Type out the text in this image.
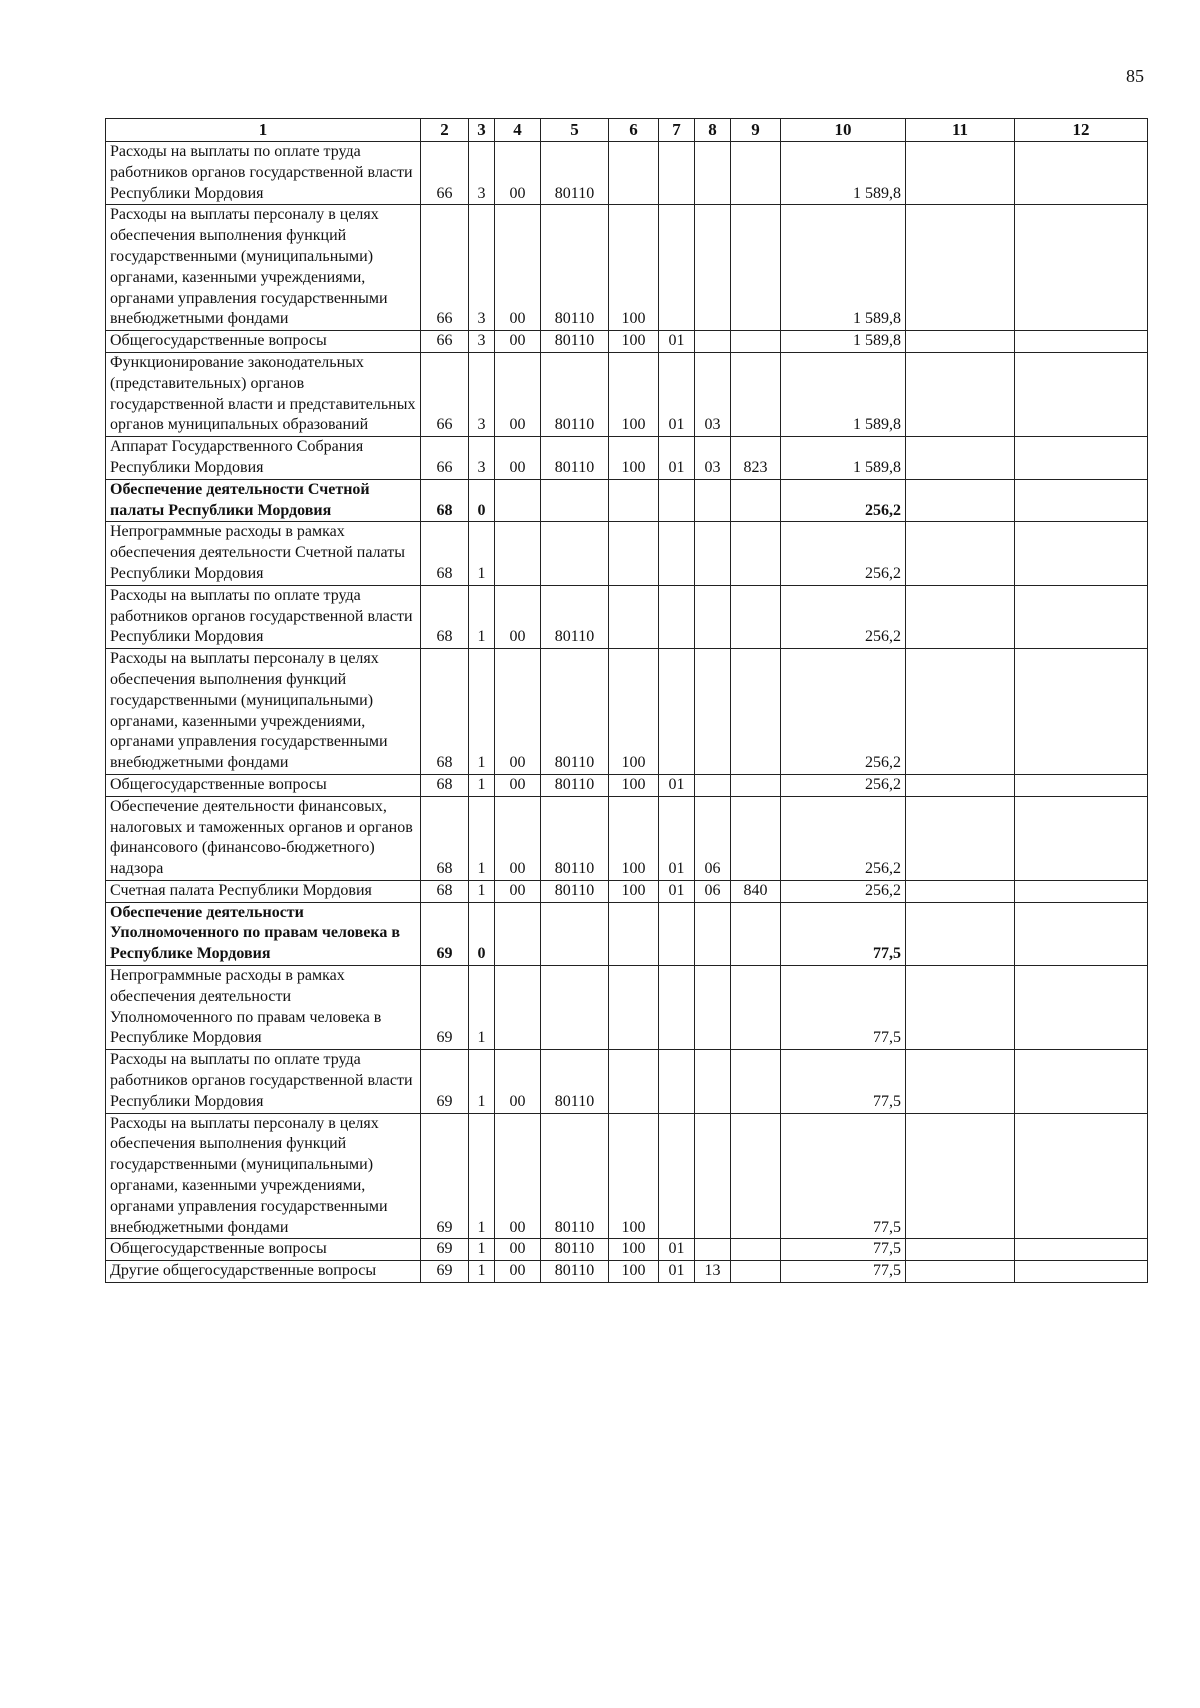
85
1	2	3	4	5	6	7	8	9	10	11	12
Расходы на выплаты по оплате труда работников органов государственной власти Республики Мордовия	66	3	00	80110					1 589,8		
Расходы на выплаты персоналу в целях обеспечения выполнения функций государственными (муниципальными) органами, казенными учреждениями, органами управления государственными внебюджетными фондами	66	3	00	80110	100				1 589,8		
Общегосударственные вопросы	66	3	00	80110	100	01			1 589,8		
Функционирование законодательных (представительных) органов государственной власти и представительных органов муниципальных образований	66	3	00	80110	100	01	03		1 589,8		
Аппарат Государственного Собрания Республики Мордовия	66	3	00	80110	100	01	03	823	1 589,8		
Обеспечение деятельности Счетной палаты Республики Мордовия	68	0							256,2		
Непрограммные расходы в рамках обеспечения деятельности Счетной палаты Республики Мордовия	68	1							256,2		
Расходы на выплаты по оплате труда работников органов государственной власти Республики Мордовия	68	1	00	80110					256,2		
Расходы на выплаты персоналу в целях обеспечения выполнения функций государственными (муниципальными) органами, казенными учреждениями, органами управления государственными внебюджетными фондами	68	1	00	80110	100				256,2		
Общегосударственные вопросы	68	1	00	80110	100	01			256,2		
Обеспечение деятельности финансовых, налоговых и таможенных органов и органов финансового (финансово-бюджетного) надзора	68	1	00	80110	100	01	06		256,2		
Счетная палата Республики Мордовия	68	1	00	80110	100	01	06	840	256,2		
Обеспечение деятельности Уполномоченного по правам человека в Республике Мордовия	69	0							77,5		
Непрограммные расходы в рамках обеспечения деятельности Уполномоченного по правам человека в Республике Мордовия	69	1							77,5		
Расходы на выплаты по оплате труда работников органов государственной власти Республики Мордовия	69	1	00	80110					77,5		
Расходы на выплаты персоналу в целях обеспечения выполнения функций государственными (муниципальными) органами, казенными учреждениями, органами управления государственными внебюджетными фондами	69	1	00	80110	100				77,5		
Общегосударственные вопросы	69	1	00	80110	100	01			77,5		
Другие общегосударственные вопросы	69	1	00	80110	100	01	13		77,5		
